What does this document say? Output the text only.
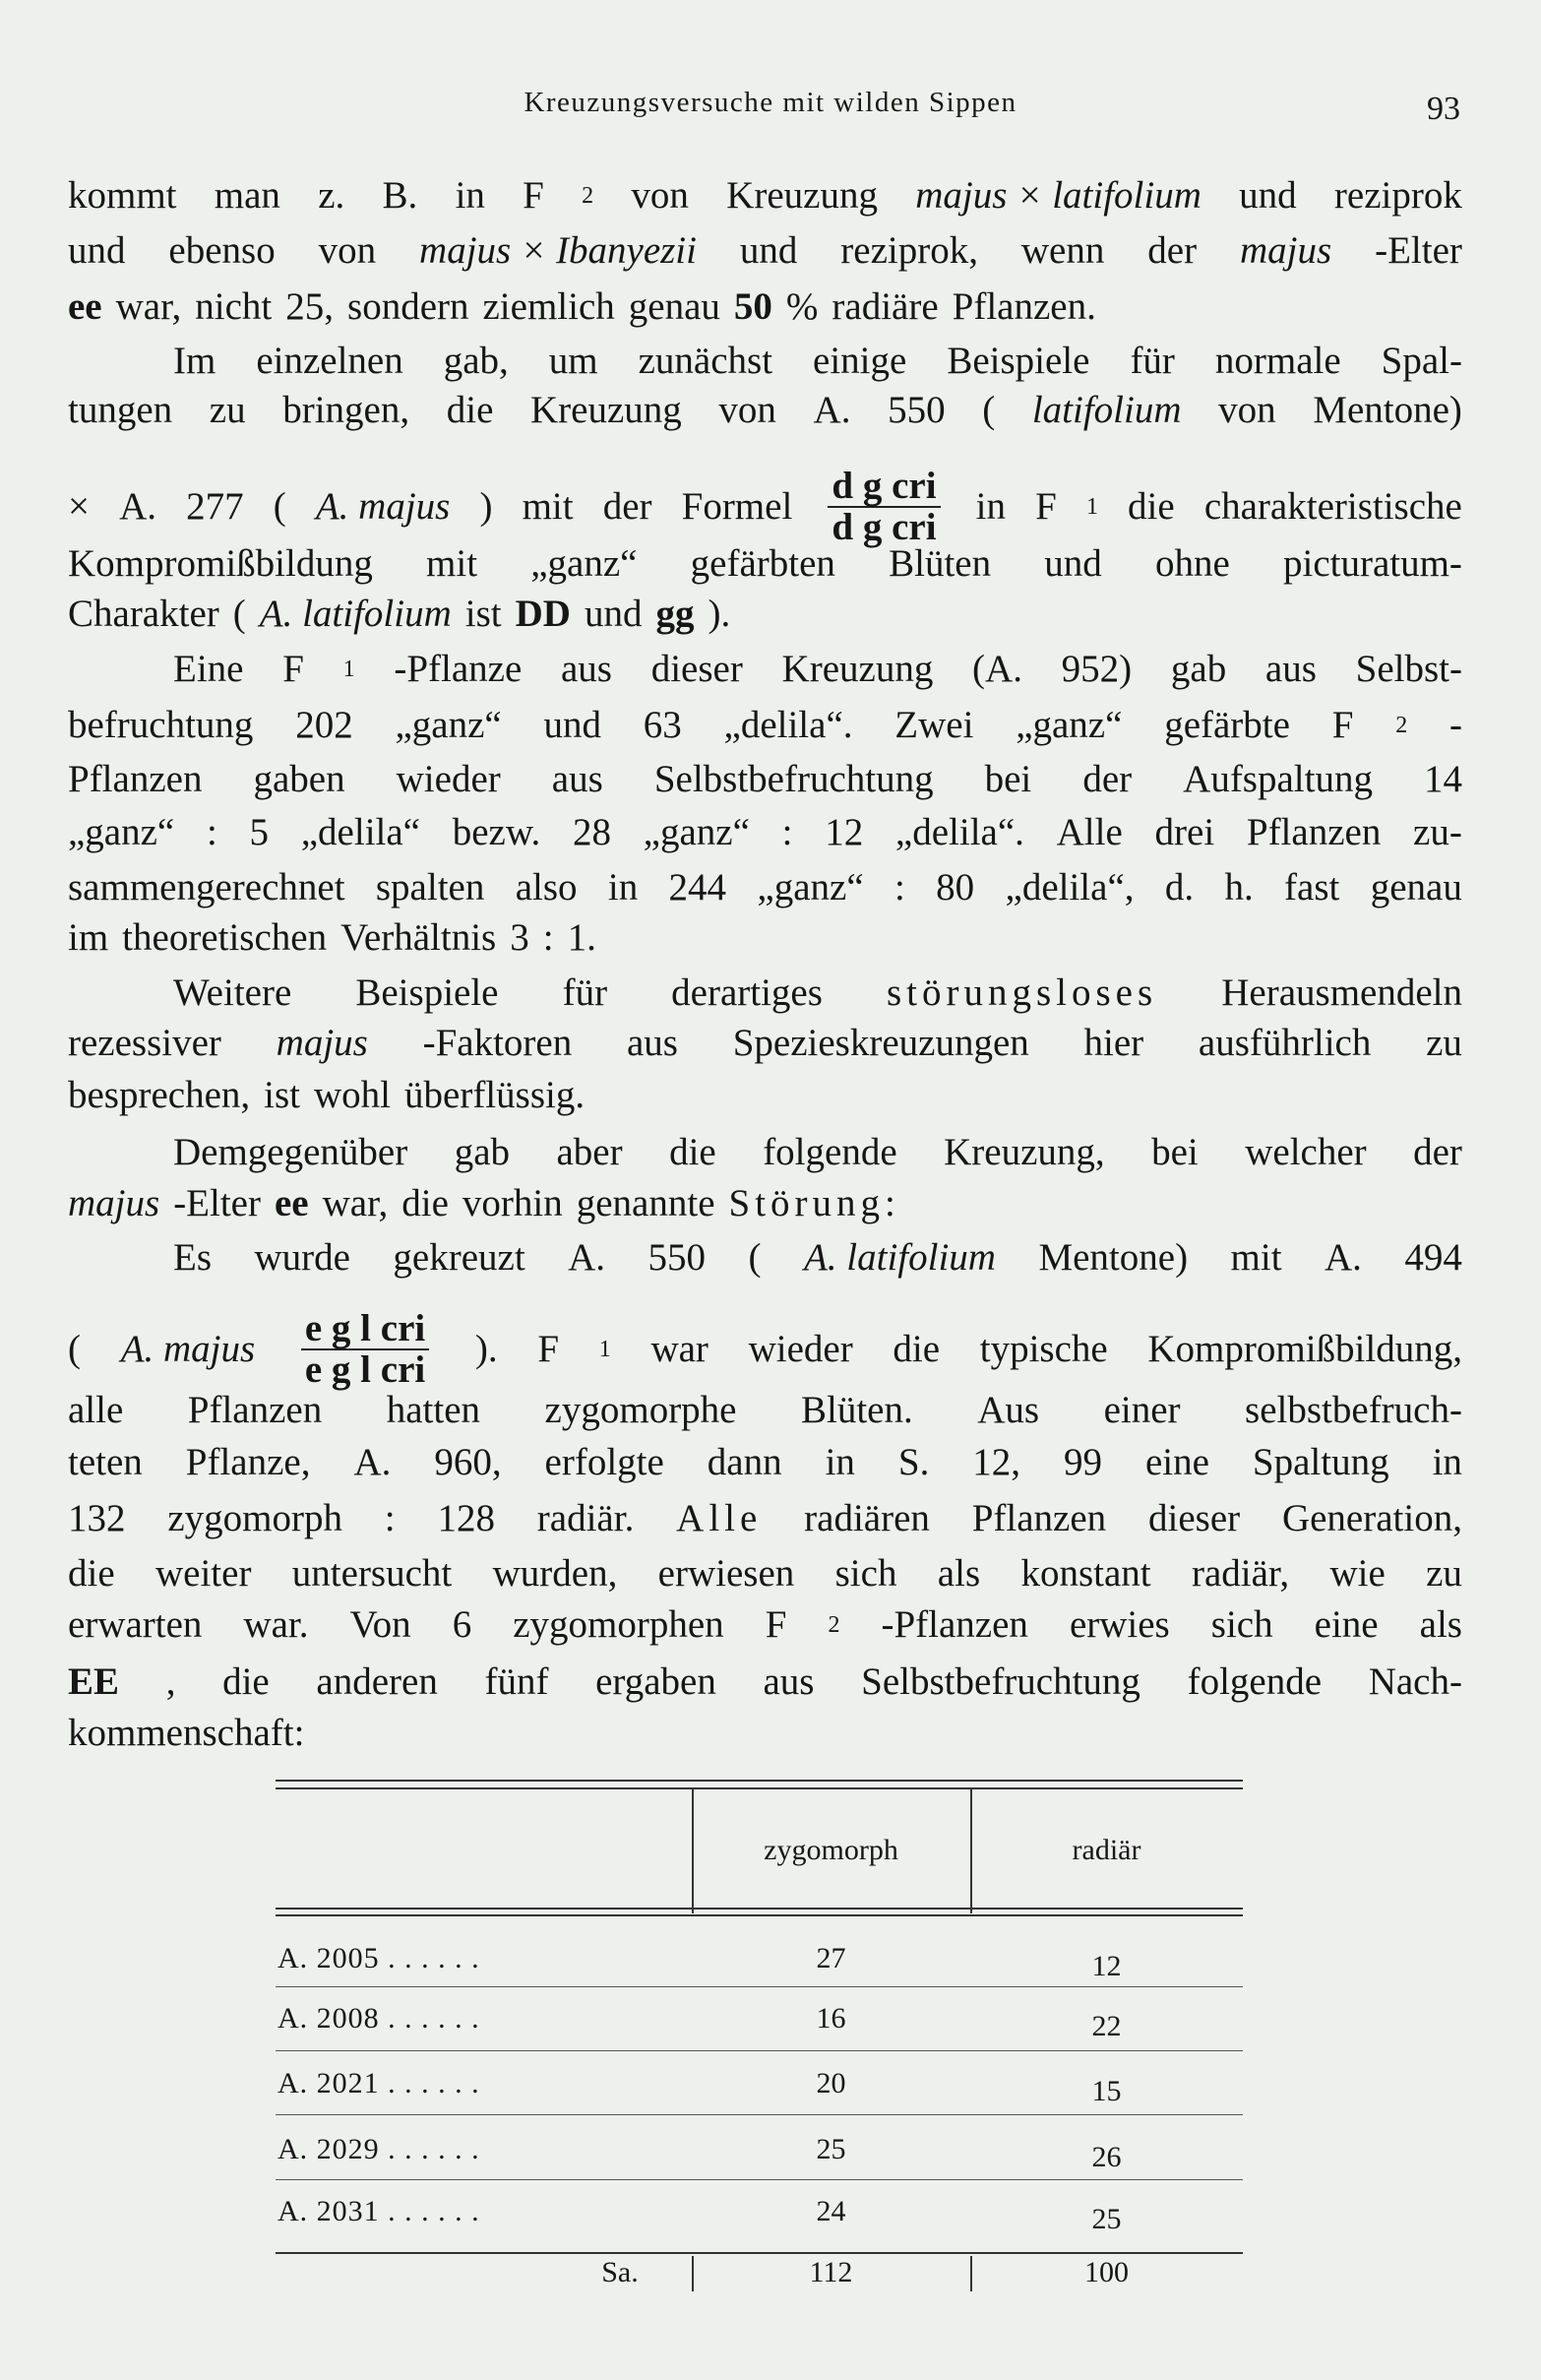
Kreuzungsversuche mit wilden Sippen	93
kommt man z. B. in F 2 von Kreuzung majus × latifolium und reziprok
und ebenso von majus × Ibanyezii und reziprok, wenn der majus -Elter
ee war, nicht 25, sondern ziemlich genau 50 % radiäre Pflanzen.
Im einzelnen gab, um zunächst einige Beispiele für normale Spal-
tungen zu bringen, die Kreuzung von A. 550 ( latifolium von Mentone)
× A. 277 ( A. majus ) mit der Formel $\frac{\text{d g cri}}{\text{d g cri}}$ in F 1 die charakteristische
Kompromißbildung mit „ganz“ gefärbten Blüten und ohne picturatum-
Charakter ( A. latifolium ist DD und gg ).
Eine F 1 -Pflanze aus dieser Kreuzung (A. 952) gab aus Selbst-
befruchtung 202 „ganz“ und 63 „delila“. Zwei „ganz“ gefärbte F 2 -
Pflanzen gaben wieder aus Selbstbefruchtung bei der Aufspaltung 14
„ganz“ : 5 „delila“ bezw. 28 „ganz“ : 12 „delila“. Alle drei Pflanzen zu-
sammengerechnet spalten also in 244 „ganz“ : 80 „delila“, d. h. fast genau
im theoretischen Verhältnis 3 : 1.
Weitere Beispiele für derartiges störungsloses Herausmendeln
rezessiver majus -Faktoren aus Spezieskreuzungen hier ausführlich zu
besprechen, ist wohl überflüssig.
Demgegenüber gab aber die folgende Kreuzung, bei welcher der
majus -Elter ee war, die vorhin genannte Störung:
Es wurde gekreuzt A. 550 ( A. latifolium Mentone) mit A. 494
( A. majus $\frac{\text{e g l cri}}{\text{e g l cri}}$ ). F 1 war wieder die typische Kompromißbildung,
alle Pflanzen hatten zygomorphe Blüten. Aus einer selbstbefruch-
teten Pflanze, A. 960, erfolgte dann in S. 12, 99 eine Spaltung in
132 zygomorph : 128 radiär. Alle radiären Pflanzen dieser Generation,
die weiter untersucht wurden, erwiesen sich als konstant radiär, wie zu
erwarten war. Von 6 zygomorphen F 2 -Pflanzen erwies sich eine als
EE , die anderen fünf ergaben aus Selbstbefruchtung folgende Nach-
kommenschaft:
zygomorph	radiär
A. 2005 . . . . . .	27	12
A. 2008 . . . . . .	16	22
A. 2021 . . . . . .	20	15
A. 2029 . . . . . .	25	26
A. 2031 . . . . . .	24	25
Sa.	112	100
